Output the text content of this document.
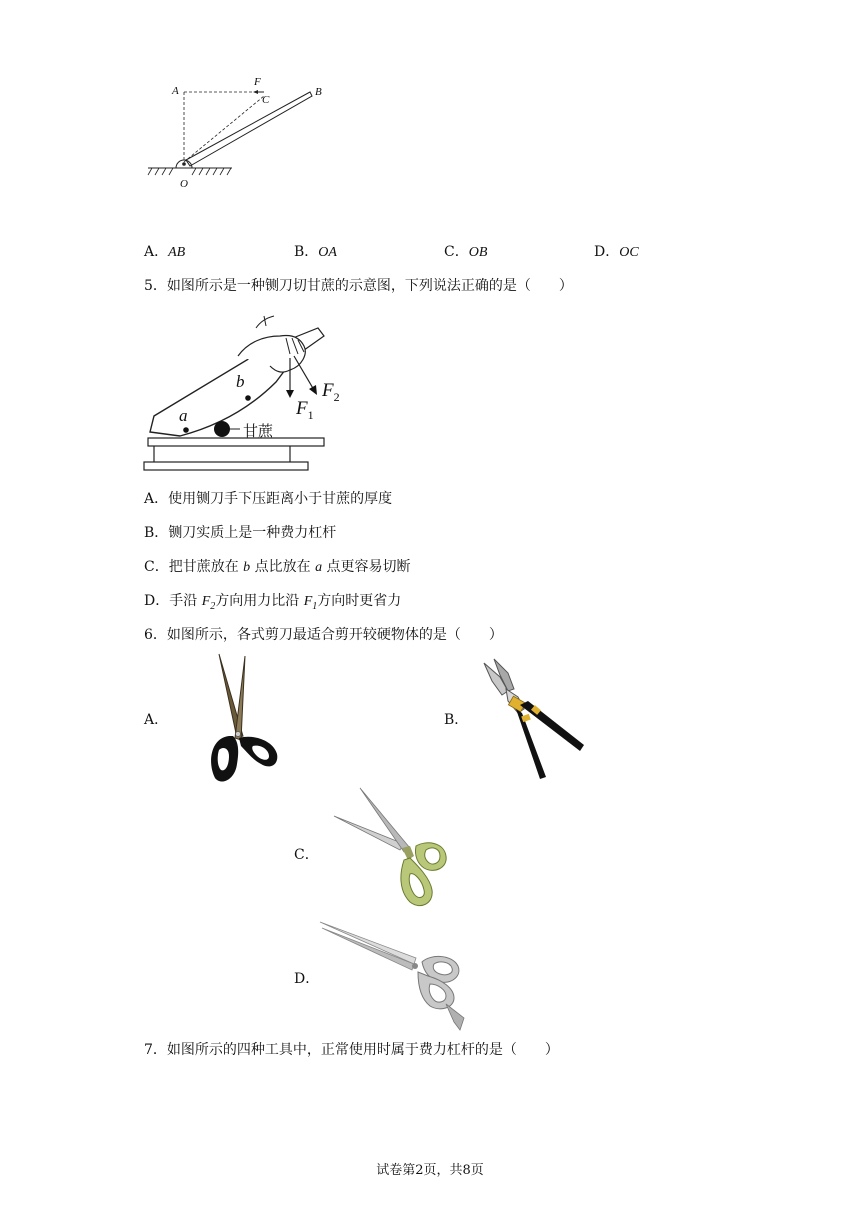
A
F
C
B
O
A．AB	B．OA	C．OB	D．OC
5．如图所示是一种铡刀切甘蔗的示意图，下列说法正确的是（　　）
b
a	$F_1$
$F_2$
甘蔗
A．使用铡刀手下压距离小于甘蔗的厚度
B．铡刀实质上是一种费力杠杆
C．把甘蔗放在 b 点比放在 a 点更容易切断
D．手沿 $F_2$方向用力比沿 $F_1$方向时更省力
6．如图所示，各式剪刀最适合剪开较硬物体的是（　　）
A．	B．
C．
D．
7．如图所示的四种工具中，正常使用时属于费力杠杆的是（　　）
试卷第2页，共8页
